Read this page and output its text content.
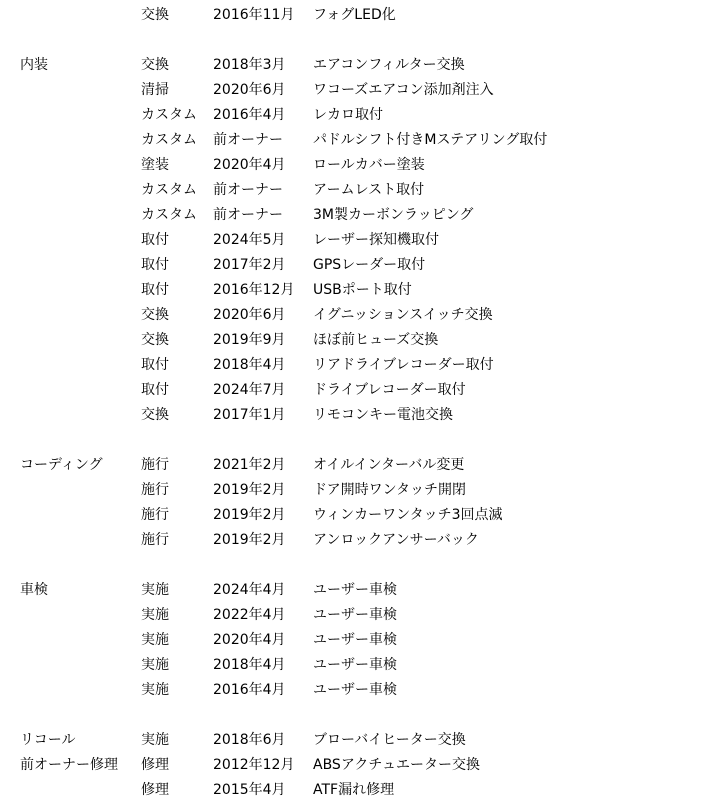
交換	2016年11月 フォグLED化
内装	交換	2018年3月 エアコンフィルター交換
清掃	2020年6月 ワコーズエアコン添加剤注入
カスタム 2016年4月 レカロ取付
カスタム 前オーナー パドルシフト付きMステアリング取付
塗装	2020年4月 ロールカバー塗装
カスタム 前オーナー アームレスト取付
カスタム 前オーナー 3M製カーボンラッピング
取付	2024年5月 レーザー探知機取付
取付	2017年2月 GPSレーダー取付
取付	2016年12月 USBポート取付
交換	2020年6月 イグニッションスイッチ交換
交換	2019年9月 ほぼ前ヒューズ交換
取付	2018年4月 リアドライブレコーダー取付
取付	2024年7月 ドライブレコーダー取付
交換	2017年1月 リモコンキー電池交換
コーディング	施行	2021年2月 オイルインターバル変更
施行	2019年2月 ドア開時ワンタッチ開閉
施行	2019年2月 ウィンカーワンタッチ3回点滅
施行	2019年2月 アンロックアンサーバック
車検	実施	2024年4月 ユーザー車検
実施	2022年4月 ユーザー車検
実施	2020年4月 ユーザー車検
実施	2018年4月 ユーザー車検
実施	2016年4月 ユーザー車検
リコール	実施	2018年6月 ブローバイヒーター交換
前オーナー修理 修理	2012年12月 ABSアクチュエーター交換
修理	2015年4月 ATF漏れ修理
